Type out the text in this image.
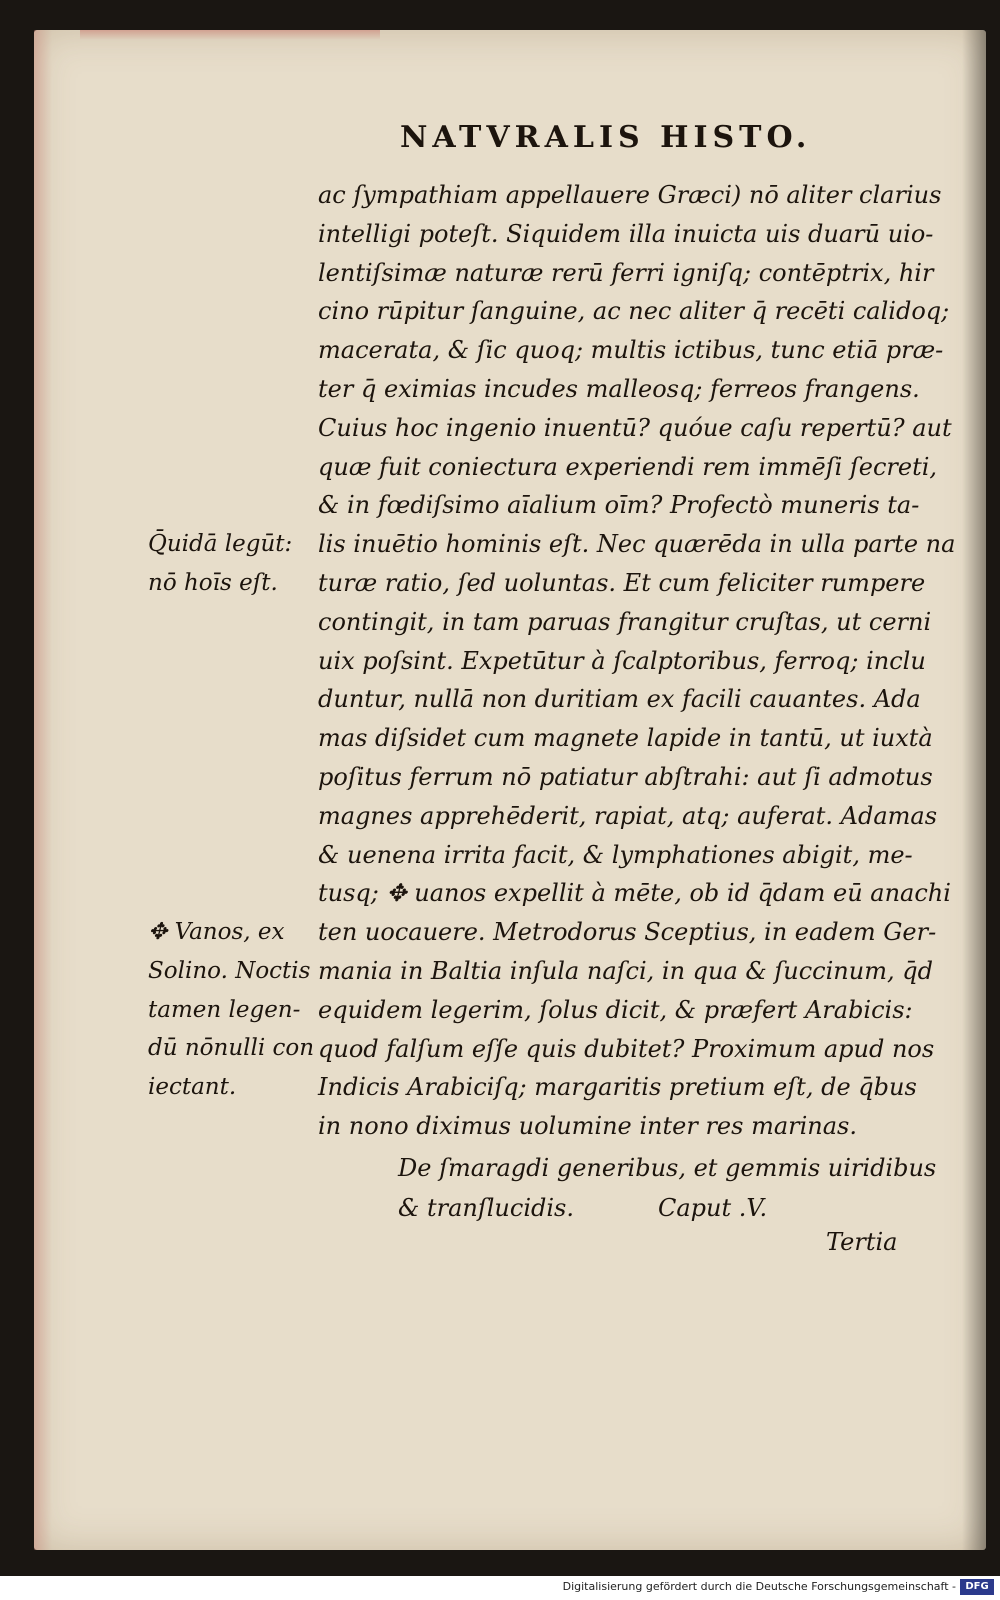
NATVRALIS HISTO.
ac ſympathiam appellauere Græci) nō aliter clarius
intelligi poteſt. Siquidem illa inuicta uis duarū uio-
lentiſsimæ naturæ rerū ferri igniſq; contēptrix, hir
cino rūpitur ſanguine, ac nec aliter q̄ recēti calidoq;
macerata, & ſic quoq; multis ictibus, tunc etiā præ-
ter q̄ eximias incudes malleosq; ferreos frangens.
Cuius hoc ingenio inuentū? quóue caſu repertū? aut
quæ fuit coniectura experiendi rem immēſi ſecreti,
& in fœdiſsimo aīalium oīm? Profectò muneris ta-
lis inuētio hominis eſt. Nec quærēda in ulla parte na
turæ ratio, ſed uoluntas. Et cum feliciter rumpere
contingit, in tam paruas frangitur cruſtas, ut cerni
uix poſsint. Expetūtur à ſcalptoribus, ferroq; inclu
duntur, nullā non duritiam ex facili cauantes. Ada
mas diſsidet cum magnete lapide in tantū, ut iuxtà
poſitus ferrum nō patiatur abſtrahi: aut ſi admotus
magnes apprehēderit, rapiat, atq; auferat. Adamas
& uenena irrita facit, & lymphationes abigit, me-
tusq; ✥ uanos expellit à mēte, ob id q̄dam eū anachi
ten uocauere. Metrodorus Sceptius, in eadem Ger-
mania in Baltia inſula naſci, in qua & ſuccinum, q̄d
equidem legerim, ſolus dicit, & præfert Arabicis:
quod falſum eſſe quis dubitet? Proximum apud nos
Indicis Arabiciſq; margaritis pretium eſt, de q̄bus
in nono diximus uolumine inter res marinas.
De ſmaragdi generibus, et gemmis uiridibus
& tranſlucidis.	Caput .V.
Tertia
Q̄uidā legūt:
nō hoīs eſt.
✥ Vanos, ex
Solino. Noctis
tamen legen-
dū nōnulli con
iectant.
Digitalisierung gefördert durch die Deutsche Forschungsgemeinschaft - DFG
